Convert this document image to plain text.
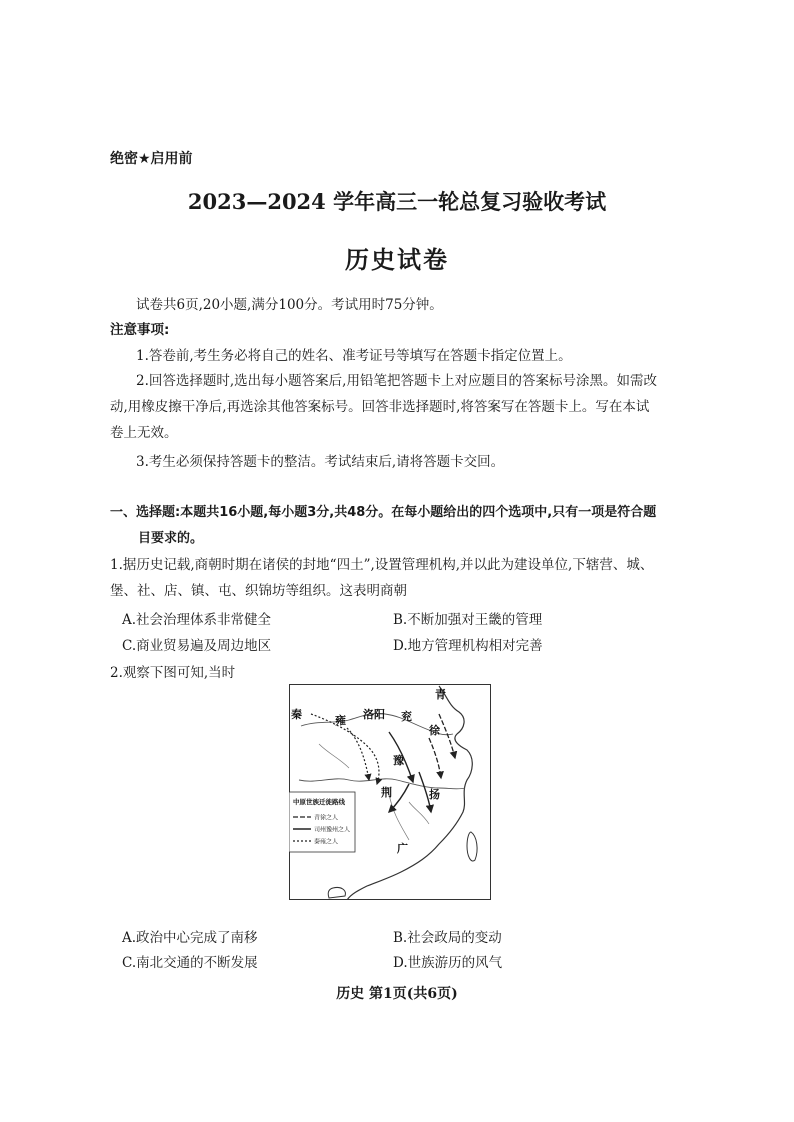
绝密★启用前
2023—2024 学年高三一轮总复习验收考试
历史试卷
试卷共6页,20小题,满分100分。考试用时75分钟。
注意事项:
1.答卷前,考生务必将自己的姓名、准考证号等填写在答题卡指定位置上。
2.回答选择题时,选出每小题答案后,用铅笔把答题卡上对应题目的答案标号涂黑。如需改动,用橡皮擦干净后,再选涂其他答案标号。回答非选择题时,将答案写在答题卡上。写在本试卷上无效。
3.考生必须保持答题卡的整洁。考试结束后,请将答题卡交回。
一、选择题:本题共16小题,每小题3分,共48分。在每小题给出的四个选项中,只有一项是符合题目要求的。
1.据历史记载,商朝时期在诸侯的封地“四土”,设置管理机构,并以此为建设单位,下辖营、城、堡、社、店、镇、屯、织锦坊等组织。这表明商朝
A.社会治理体系非常健全	B.不断加强对王畿的管理
C.商业贸易遍及周边地区	D.地方管理机构相对完善
2.观察下图可知,当时
青
秦	雍 洛阳 兖
徐
豫
荆	扬
广
中原世族迁徙路线
青徐之人
司州豫州之人
秦雍之人
A.政治中心完成了南移	B.社会政局的变动
C.南北交通的不断发展	D.世族游历的风气
历史 第1页(共6页)
